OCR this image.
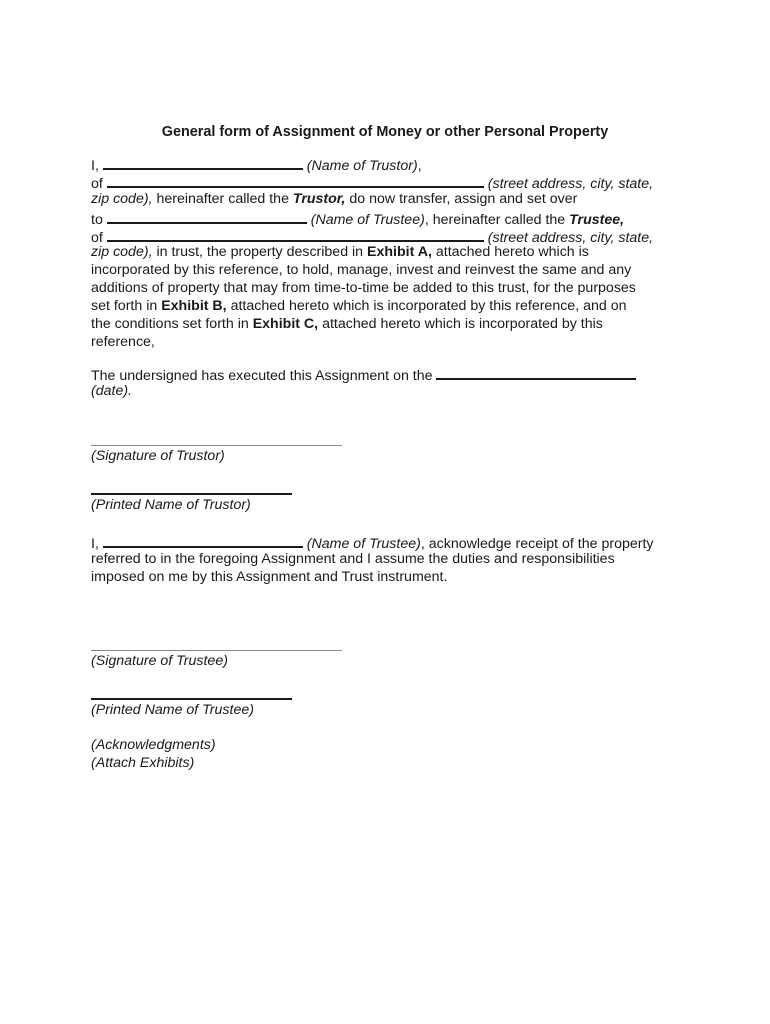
General form of Assignment of Money or other Personal Property
I,	(Name of Trustor),
of	(street address, city, state,
zip code), hereinafter called the Trustor, do now transfer, assign and set over
to	(Name of Trustee), hereinafter called the Trustee,
of	(street address, city, state,
zip code), in trust, the property described in Exhibit A, attached hereto which is
incorporated by this reference, to hold, manage, invest and reinvest the same and any
additions of property that may from time-to-time be added to this trust, for the purposes
set forth in Exhibit B, attached hereto which is incorporated by this reference, and on
the conditions set forth in Exhibit C, attached hereto which is incorporated by this
reference,
The undersigned has executed this Assignment on the
(date).
(Signature of Trustor)
(Printed Name of Trustor)
I,	(Name of Trustee), acknowledge receipt of the property
referred to in the foregoing Assignment and I assume the duties and responsibilities
imposed on me by this Assignment and Trust instrument.
(Signature of Trustee)
(Printed Name of Trustee)
(Acknowledgments)
(Attach Exhibits)
